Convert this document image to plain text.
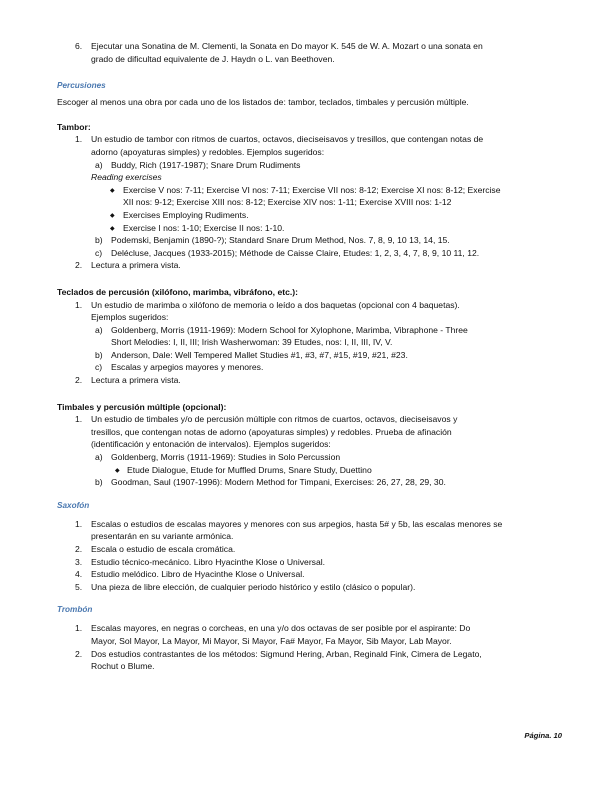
6. Ejecutar una Sonatina de M. Clementi, la Sonata en Do mayor K. 545 de W. A. Mozart o una sonata en
grado de dificultad equivalente de J. Haydn o L. van Beethoven.
Percusiones
Escoger al menos una obra por cada uno de los listados de: tambor, teclados, timbales y percusión múltiple.
Tambor:
1. Un estudio de tambor con ritmos de cuartos, octavos, dieciseisavos y tresillos, que contengan notas de
adorno (apoyaturas simples) y redobles. Ejemplos sugeridos:
a) Buddy, Rich (1917-1987); Snare Drum Rudiments
Reading exercises
◆ Exercise V nos: 7-11; Exercise VI nos: 7-11; Exercise VII nos: 8-12; Exercise XI nos: 8-12; Exercise
XII nos: 9-12; Exercise XIII nos: 8-12; Exercise XIV nos: 1-11; Exercise XVIII nos: 1-12
◆ Exercises Employing Rudiments.
◆ Exercise I nos: 1-10; Exercise II nos: 1-10.
b) Podemski, Benjamin (1890-?); Standard Snare Drum Method, Nos. 7, 8, 9, 10 13, 14, 15.
c) Delécluse, Jacques (1933-2015); Méthode de Caisse Claire, Etudes: 1, 2, 3, 4, 7, 8, 9, 10 11, 12.
2. Lectura a primera vista.
Teclados de percusión (xilófono, marimba, vibráfono, etc.):
1. Un estudio de marimba o xilófono de memoria o leído a dos baquetas (opcional con 4 baquetas).
Ejemplos sugeridos:
a) Goldenberg, Morris (1911-1969): Modern School for Xylophone, Marimba, Vibraphone - Three
Short Melodies: I, II, III; Irish Washerwoman: 39 Etudes, nos: I, II, III, IV, V.
b) Anderson, Dale: Well Tempered Mallet Studies #1, #3, #7, #15, #19, #21, #23.
c) Escalas y arpegios mayores y menores.
2. Lectura a primera vista.
Timbales y percusión múltiple (opcional):
1. Un estudio de timbales y/o de percusión múltiple con ritmos de cuartos, octavos, dieciseisavos y
tresillos, que contengan notas de adorno (apoyaturas simples) y redobles. Prueba de afinación
(identificación y entonación de intervalos). Ejemplos sugeridos:
a) Goldenberg, Morris (1911-1969): Studies in Solo Percussion
◆ Etude Dialogue, Etude for Muffled Drums, Snare Study, Duettino
b) Goodman, Saul (1907-1996): Modern Method for Timpani, Exercises: 26, 27, 28, 29, 30.
Saxofón
1. Escalas o estudios de escalas mayores y menores con sus arpegios, hasta 5# y 5b, las escalas menores se
presentarán en su variante armónica.
2. Escala o estudio de escala cromática.
3. Estudio técnico-mecánico. Libro Hyacinthe Klose o Universal.
4. Estudio melódico. Libro de Hyacinthe Klose o Universal.
5. Una pieza de libre elección, de cualquier periodo histórico y estilo (clásico o popular).
Trombón
1. Escalas mayores, en negras o corcheas, en una y/o dos octavas de ser posible por el aspirante: Do
Mayor, Sol Mayor, La Mayor, Mi Mayor, Si Mayor, Fa# Mayor, Fa Mayor, Sib Mayor, Lab Mayor.
2. Dos estudios contrastantes de los métodos: Sigmund Hering, Arban, Reginald Fink, Cimera de Legato,
Rochut o Blume.
Página. 10
